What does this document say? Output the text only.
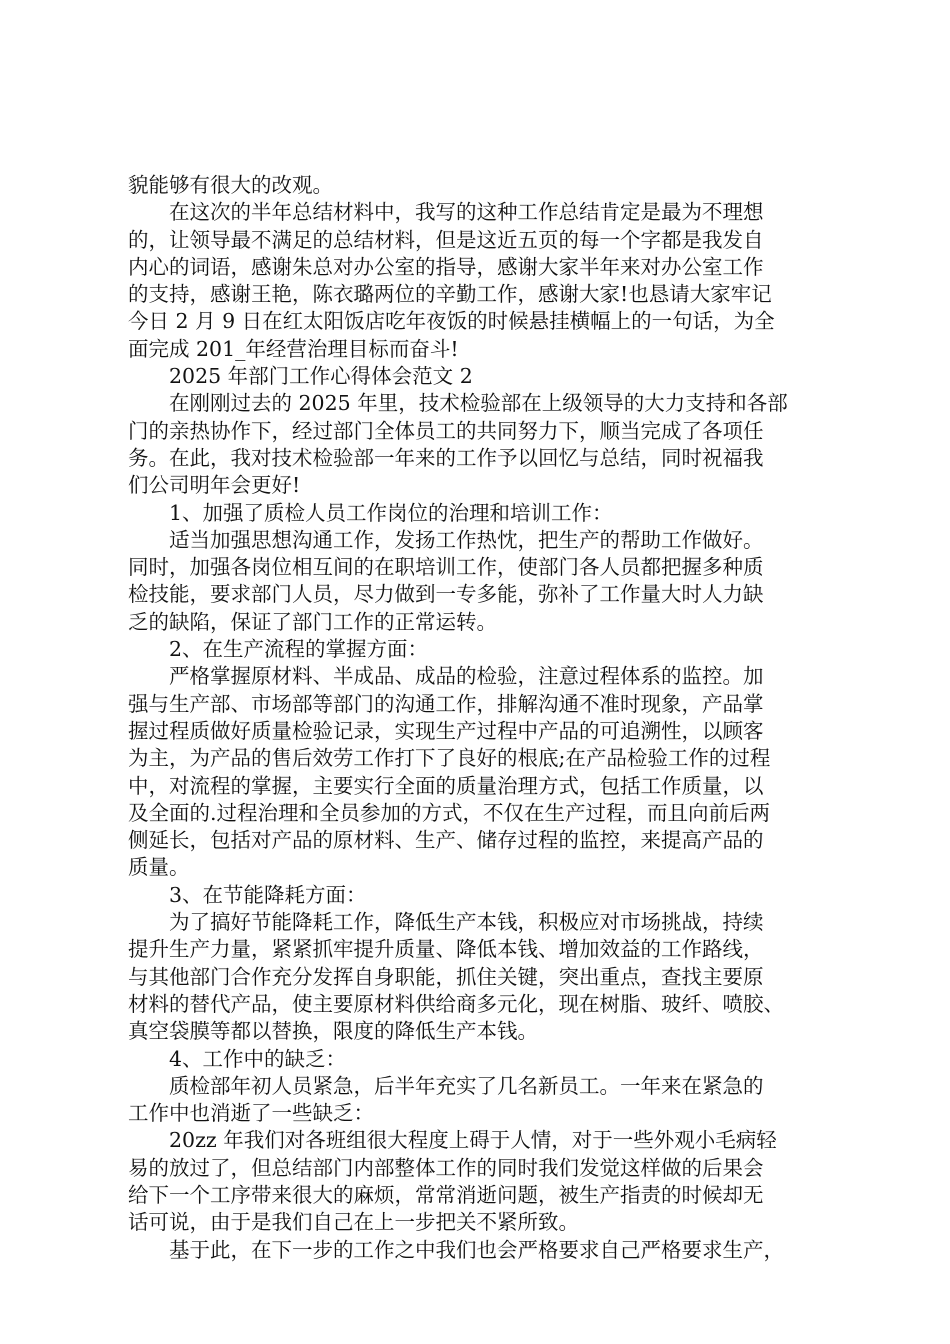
貌能够有很大的改观。

在这次的半年总结材料中，我写的这种工作总结肯定是最为不理想
的，让领导最不满足的总结材料，但是这近五页的每一个字都是我发自
内心的词语，感谢朱总对办公室的指导，感谢大家半年来对办公室工作
的支持，感谢王艳，陈衣璐两位的辛勤工作，感谢大家!也恳请大家牢记
今日 2 月 9 日在红太阳饭店吃年夜饭的时候悬挂横幅上的一句话，为全
面完成 201_年经营治理目标而奋斗!

2025 年部门工作心得体会范文 2

在刚刚过去的 2025 年里，技术检验部在上级领导的大力支持和各部
门的亲热协作下，经过部门全体员工的共同努力下，顺当完成了各项任
务。在此，我对技术检验部一年来的工作予以回忆与总结，同时祝福我
们公司明年会更好!

1、加强了质检人员工作岗位的治理和培训工作：

适当加强思想沟通工作，发扬工作热忱，把生产的帮助工作做好。
同时，加强各岗位相互间的在职培训工作，使部门各人员都把握多种质
检技能，要求部门人员，尽力做到一专多能，弥补了工作量大时人力缺
乏的缺陷，保证了部门工作的正常运转。

2、在生产流程的掌握方面：

严格掌握原材料、半成品、成品的检验，注意过程体系的监控。加
强与生产部、市场部等部门的沟通工作，排解沟通不准时现象，产品掌
握过程质做好质量检验记录，实现生产过程中产品的可追溯性，以顾客
为主，为产品的售后效劳工作打下了良好的根底;在产品检验工作的过程
中，对流程的掌握，主要实行全面的质量治理方式，包括工作质量，以
及全面的.过程治理和全员参加的方式，不仅在生产过程，而且向前后两
侧延长，包括对产品的原材料、生产、储存过程的监控，来提高产品的
质量。

3、在节能降耗方面：

为了搞好节能降耗工作，降低生产本钱，积极应对市场挑战，持续
提升生产力量，紧紧抓牢提升质量、降低本钱、增加效益的工作路线，
与其他部门合作充分发挥自身职能，抓住关键，突出重点，查找主要原
材料的替代产品，使主要原材料供给商多元化，现在树脂、玻纤、喷胶、
真空袋膜等都以替换，限度的降低生产本钱。

4、工作中的缺乏：

质检部年初人员紧急，后半年充实了几名新员工。一年来在紧急的
工作中也消逝了一些缺乏：

20zz 年我们对各班组很大程度上碍于人情，对于一些外观小毛病轻
易的放过了，但总结部门内部整体工作的同时我们发觉这样做的后果会
给下一个工序带来很大的麻烦，常常消逝问题，被生产指责的时候却无
话可说，由于是我们自己在上一步把关不紧所致。

基于此，在下一步的工作之中我们也会严格要求自己严格要求生产，
